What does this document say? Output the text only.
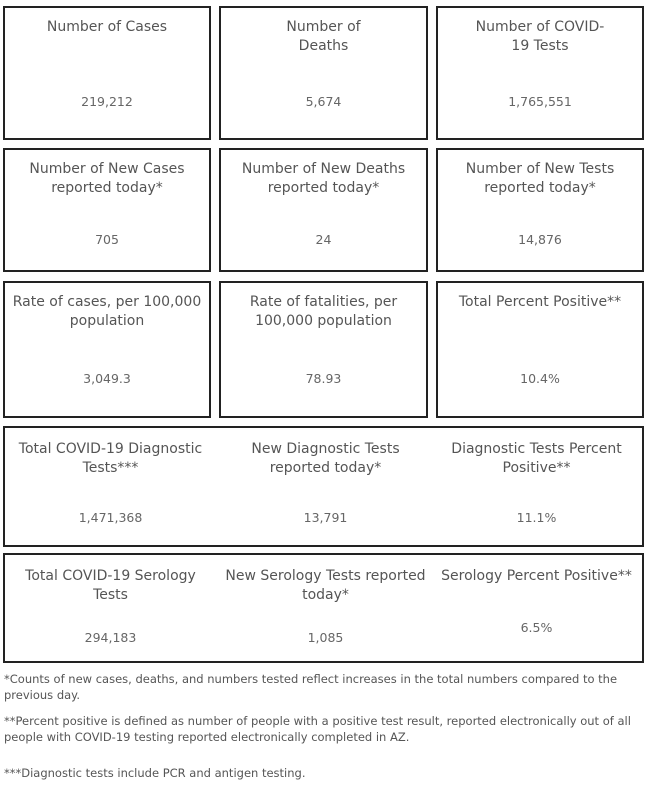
Number of Cases
219,212
Number of Deaths
5,674
Number of COVID-19 Tests
1,765,551
Number of New Cases reported today*
705
Number of New Deaths reported today*
24
Number of New Tests reported today*
14,876
Rate of cases, per 100,000 population
3,049.3
Rate of fatalities, per 100,000 population
78.93
Total Percent Positive**
10.4%
Total COVID-19 Diagnostic Tests***
1,471,368
New Diagnostic Tests reported today*
13,791
Diagnostic Tests Percent Positive**
11.1%
Total COVID-19 Serology Tests
294,183
New Serology Tests reported today*
1,085
Serology Percent Positive**
6.5%
*Counts of new cases, deaths, and numbers tested reflect increases in the total numbers compared to the previous day.
**Percent positive is defined as number of people with a positive test result, reported electronically out of all people with COVID-19 testing reported electronically completed in AZ.
***Diagnostic tests include PCR and antigen testing.
